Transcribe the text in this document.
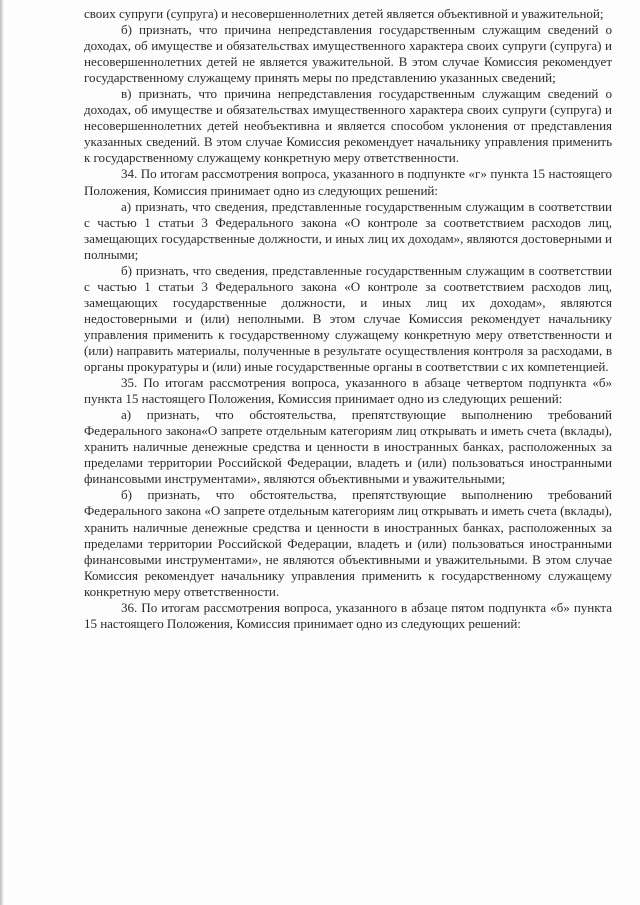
своих супруги (супруга) и несовершеннолетних детей является объективной и уважительной;

б) признать, что причина непредставления государственным служащим сведений о доходах, об имуществе и обязательствах имущественного характера своих супруги (супруга) и несовершеннолетних детей не является уважительной. В этом случае Комиссия рекомендует государственному служащему принять меры по представлению указанных сведений;

в) признать, что причина непредставления государственным служащим сведений о доходах, об имуществе и обязательствах имущественного характера своих супруги (супруга) и несовершеннолетних детей необъективна и является способом уклонения от представления указанных сведений. В этом случае Комиссия рекомендует начальнику управления применить к государственному служащему конкретную меру ответственности.

34. По итогам рассмотрения вопроса, указанного в подпункте «г» пункта 15 настоящего Положения, Комиссия принимает одно из следующих решений:

а) признать, что сведения, представленные государственным служащим в соответствии с частью 1 статьи 3 Федерального закона «О контроле за соответствием расходов лиц, замещающих государственные должности, и иных лиц их доходам», являются достоверными и полными;

б) признать, что сведения, представленные государственным служащим в соответствии с частью 1 статьи 3 Федерального закона «О контроле за соответствием расходов лиц, замещающих государственные должности, и иных лиц их доходам», являются недостоверными и (или) неполными. В этом случае Комиссия рекомендует начальнику управления применить к государственному служащему конкретную меру ответственности и (или) направить материалы, полученные в результате осуществления контроля за расходами, в органы прокуратуры и (или) иные государственные органы в соответствии с их компетенцией.

35. По итогам рассмотрения вопроса, указанного в абзаце четвертом подпункта «б» пункта 15 настоящего Положения, Комиссия принимает одно из следующих решений:

а) признать, что обстоятельства, препятствующие выполнению требований Федерального закона«О запрете отдельным категориям лиц открывать и иметь счета (вклады), хранить наличные денежные средства и ценности в иностранных банках, расположенных за пределами территории Российской Федерации, владеть и (или) пользоваться иностранными финансовыми инструментами», являются объективными и уважительными;

б) признать, что обстоятельства, препятствующие выполнению требований Федерального закона «О запрете отдельным категориям лиц открывать и иметь счета (вклады), хранить наличные денежные средства и ценности в иностранных банках, расположенных за пределами территории Российской Федерации, владеть и (или) пользоваться иностранными финансовыми инструментами», не являются объективными и уважительными. В этом случае Комиссия рекомендует начальнику управления применить к государственному служащему конкретную меру ответственности.

36. По итогам рассмотрения вопроса, указанного в абзаце пятом подпункта «б» пункта 15 настоящего Положения, Комиссия принимает одно из следующих решений:
